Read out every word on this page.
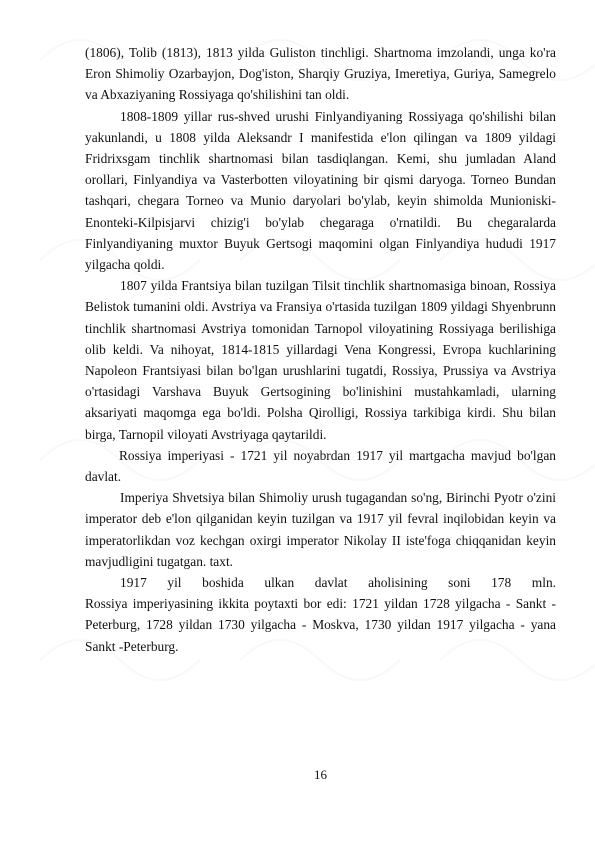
(1806), Tolib (1813), 1813 yilda Guliston tinchligi. Shartnoma imzolandi, unga ko'ra Eron Shimoliy Ozarbayjon, Dog'iston, Sharqiy Gruziya, Imeretiya, Guriya, Samegrelo va Abxaziyaning Rossiyaga qo'shilishini tan oldi.

1808-1809 yillar rus-shved urushi Finlyandiyaning Rossiyaga qo'shilishi bilan yakunlandi, u 1808 yilda Aleksandr I manifestida e'lon qilingan va 1809 yildagi Fridrixsgam tinchlik shartnomasi bilan tasdiqlangan. Kemi, shu jumladan Aland orollari, Finlyandiya va Vasterbotten viloyatining bir qismi daryoga. Torneo Bundan tashqari, chegara Torneo va Munio daryolari bo'ylab, keyin shimolda Munioniski-Enonteki-Kilpisjarvi chizig'i bo'ylab chegaraga o'rnatildi. Bu chegaralarda Finlyandiyaning muxtor Buyuk Gertsogi maqomini olgan Finlyandiya hududi 1917 yilgacha qoldi.

1807 yilda Frantsiya bilan tuzilgan Tilsit tinchlik shartnomasiga binoan, Rossiya Belistok tumanini oldi. Avstriya va Fransiya o'rtasida tuzilgan 1809 yildagi Shyenbrunn tinchlik shartnomasi Avstriya tomonidan Tarnopol viloyatining Rossiyaga berilishiga olib keldi. Va nihoyat, 1814-1815 yillardagi Vena Kongressi, Evropa kuchlarining Napoleon Frantsiyasi bilan bo'lgan urushlarini tugatdi, Rossiya, Prussiya va Avstriya o'rtasidagi Varshava Buyuk Gertsogining bo'linishini mustahkamladi, ularning aksariyati maqomga ega bo'ldi. Polsha Qirolligi, Rossiya tarkibiga kirdi. Shu bilan birga, Tarnopil viloyati Avstriyaga qaytarildi.

Rossiya imperiyasi - 1721 yil noyabrdan 1917 yil martgacha mavjud bo'lgan davlat.

Imperiya Shvetsiya bilan Shimoliy urush tugagandan so'ng, Birinchi Pyotr o'zini imperator deb e'lon qilganidan keyin tuzilgan va 1917 yil fevral inqilobidan keyin va imperatorlikdan voz kechgan oxirgi imperator Nikolay II iste'foga chiqqanidan keyin mavjudligini tugatgan. taxt.

1917 yil boshida ulkan davlat aholisining soni 178 mln.

Rossiya imperiyasining ikkita poytaxti bor edi: 1721 yildan 1728 yilgacha - Sankt -Peterburg, 1728 yildan 1730 yilgacha - Moskva, 1730 yildan 1917 yilgacha - yana Sankt -Peterburg.

16
